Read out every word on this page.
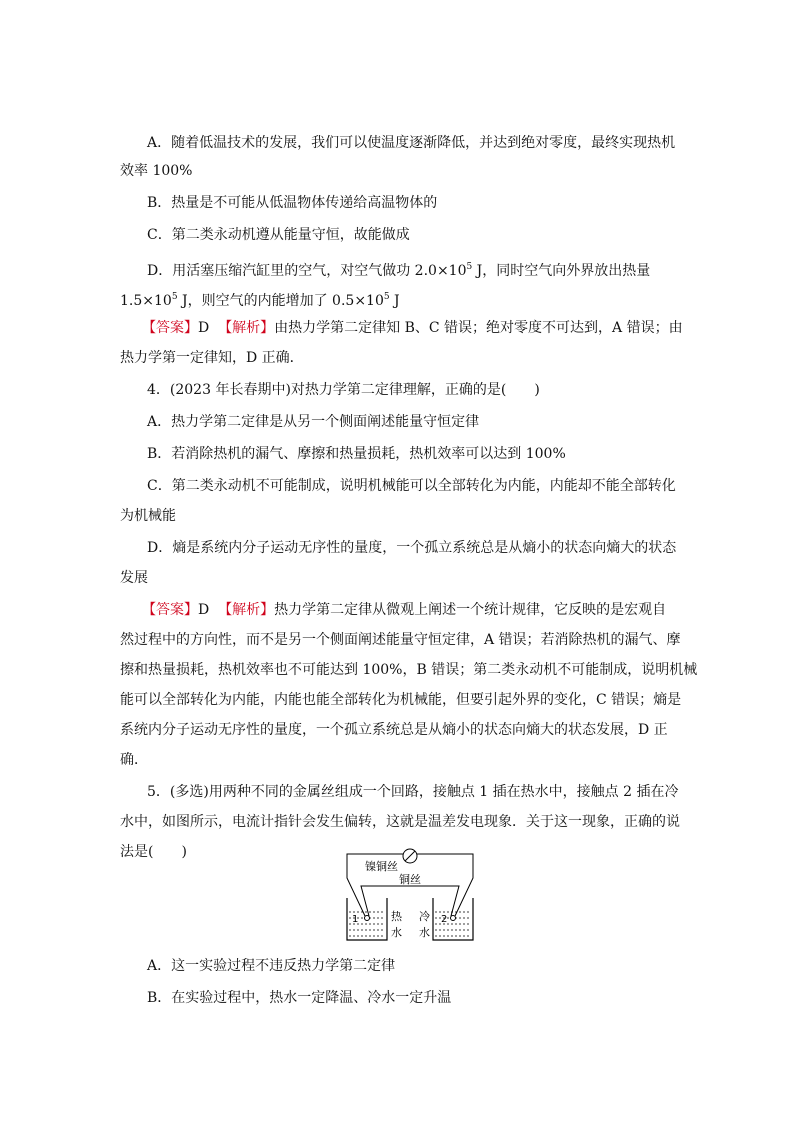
A．随着低温技术的发展，我们可以使温度逐渐降低，并达到绝对零度，最终实现热机
效率 100%
B．热量是不可能从低温物体传递给高温物体的
C．第二类永动机遵从能量守恒，故能做成
D．用活塞压缩汽缸里的空气，对空气做功 $2.0\times 10^5$ J，同时空气向外界放出热量
$1.5\times 10^5$ J，则空气的内能增加了 $0.5\times 10^5$ J
【答案】D 【解析】由热力学第二定律知 B、C 错误；绝对零度不可达到，A 错误；由
热力学第一定律知，D 正确．
4．(2023 年长春期中)对热力学第二定律理解，正确的是(　　)
A．热力学第二定律是从另一个侧面阐述能量守恒定律
B．若消除热机的漏气、摩擦和热量损耗，热机效率可以达到 100%
C．第二类永动机不可能制成，说明机械能可以全部转化为内能，内能却不能全部转化
为机械能
D．熵是系统内分子运动无序性的量度，一个孤立系统总是从熵小的状态向熵大的状态
发展
【答案】D 【解析】热力学第二定律从微观上阐述一个统计规律，它反映的是宏观自
然过程中的方向性，而不是另一个侧面阐述能量守恒定律，A 错误；若消除热机的漏气、摩
擦和热量损耗，热机效率也不可能达到 100%，B 错误；第二类永动机不可能制成，说明机械
能可以全部转化为内能，内能也能全部转化为机械能，但要引起外界的变化，C 错误；熵是
系统内分子运动无序性的量度，一个孤立系统总是从熵小的状态向熵大的状态发展，D 正
确．
5．(多选)用两种不同的金属丝组成一个回路，接触点 1 插在热水中，接触点 2 插在冷
水中，如图所示，电流计指针会发生偏转，这就是温差发电现象．关于这一现象，正确的说
法是(　　)
镍铜丝
铜丝
1	热
水
2
冷
水
A．这一实验过程不违反热力学第二定律
B．在实验过程中，热水一定降温、冷水一定升温
